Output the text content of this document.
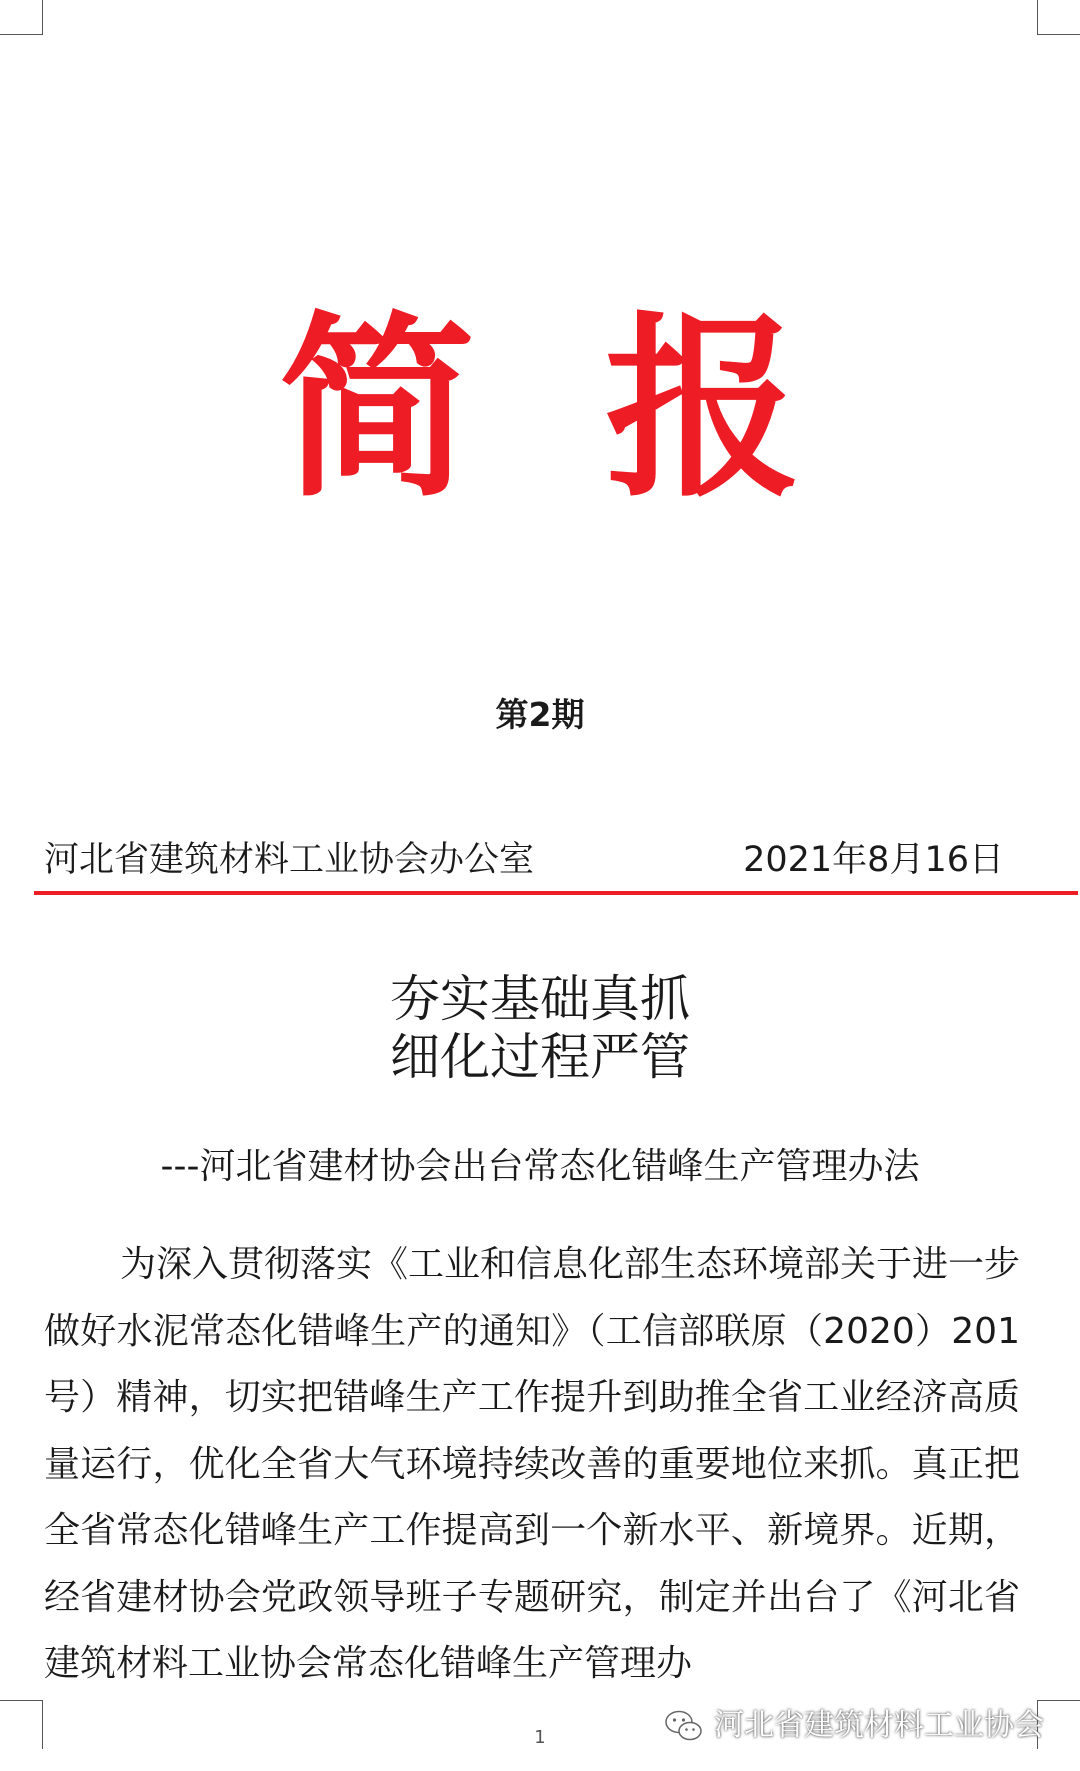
简报
第2期
河北省建筑材料工业协会办公室	2021年8月16日
夯实基础真抓
细化过程严管
---河北省建材协会出台常态化错峰生产管理办法

为深入贯彻落实《工业和信息化部生态环境部关于进一步做好水泥常态化错峰生产的通知》（工信部联原（2020）201号）精神，切实把错峰生产工作提升到助推全省工业经济高质量运行，优化全省大气环境持续改善的重要地位来抓。真正把全省常态化错峰生产工作提高到一个新水平、新境界。近期，经省建材协会党政领导班子专题研究，制定并出台了《河北省建筑材料工业协会常态化错峰生产管理办

1	河北省建筑材料工业协会
